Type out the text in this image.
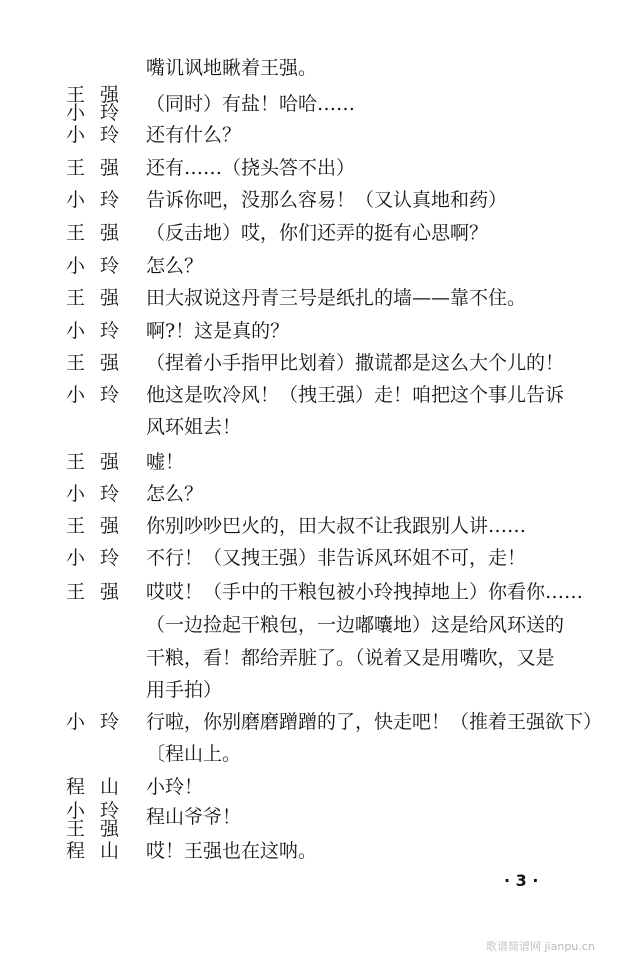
嘴讥讽地瞅着王强。
王 强
小 玲 （同时）有盐！哈哈……
小 玲 还有什么？
王 强 还有……（挠头答不出）
小 玲 告诉你吧，没那么容易！（又认真地和药）
王 强 （反击地）哎，你们还弄的挺有心思啊？
小 玲 怎么？
王 强 田大叔说这丹青三号是纸扎的墙——靠不住。
小 玲 啊?！这是真的？
王 强 （捏着小手指甲比划着）撒谎都是这么大个儿的！
小 玲 他这是吹冷风！（拽王强）走！咱把这个事儿告诉
风环姐去！
王 强 嘘！
小 玲 怎么？
王 强 你别吵吵巴火的，田大叔不让我跟别人讲……
小 玲 不行！（又拽王强）非告诉风环姐不可，走！
王 强 哎哎！（手中的干粮包被小玲拽掉地上）你看你……
（一边捡起干粮包，一边嘟囔地）这是给风环送的
干粮，看！都给弄脏了。（说着又是用嘴吹，又是
用手拍）
小 玲 行啦，你别磨磨蹭蹭的了，快走吧！（推着王强欲下）
〔程山上。
程 山 小玲！
小 玲
王 强
程山爷爷！
程 山 哎！王强也在这呐。
· 3 ·
歌谱简谱网 jianpu.cn
